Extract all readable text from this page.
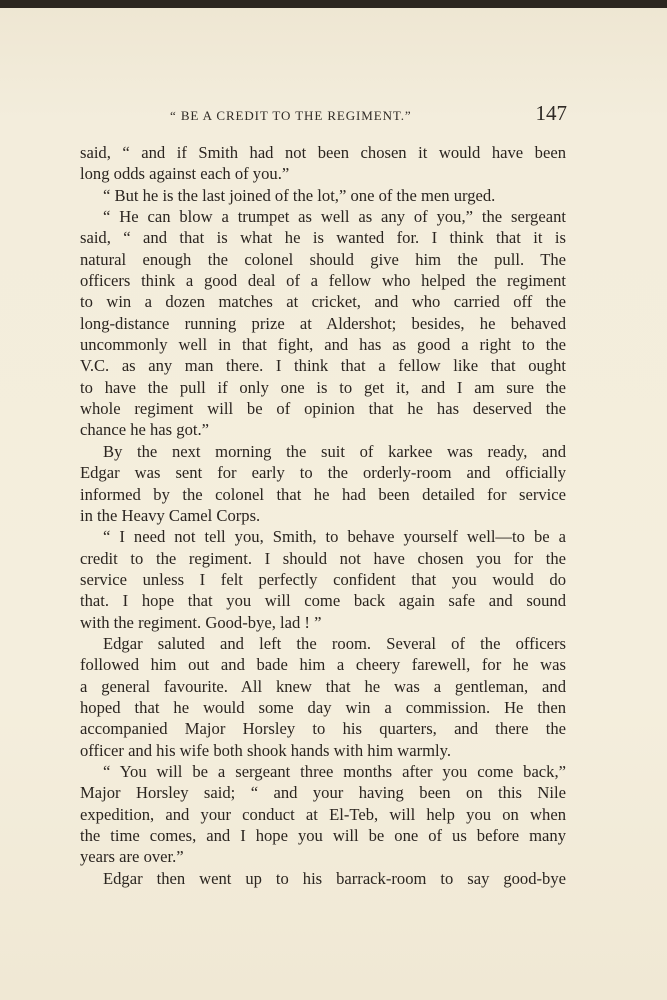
“ BE A CREDIT TO THE REGIMENT.”	147
said, “ and if Smith had not been chosen it would have been
long odds against each of you.”
“ But he is the last joined of the lot,” one of the men urged.
“ He can blow a trumpet as well as any of you,” the sergeant
said, “ and that is what he is wanted for. I think that it is
natural enough the colonel should give him the pull. The
officers think a good deal of a fellow who helped the regiment
to win a dozen matches at cricket, and who carried off the
long-distance running prize at Aldershot; besides, he behaved
uncommonly well in that fight, and has as good a right to the
V.C. as any man there. I think that a fellow like that ought
to have the pull if only one is to get it, and I am sure the
whole regiment will be of opinion that he has deserved the
chance he has got.”
By the next morning the suit of karkee was ready, and
Edgar was sent for early to the orderly-room and officially
informed by the colonel that he had been detailed for service
in the Heavy Camel Corps.
“ I need not tell you, Smith, to behave yourself well—to be a
credit to the regiment. I should not have chosen you for the
service unless I felt perfectly confident that you would do
that. I hope that you will come back again safe and sound
with the regiment. Good-bye, lad ! ”
Edgar saluted and left the room. Several of the officers
followed him out and bade him a cheery farewell, for he was
a general favourite. All knew that he was a gentleman, and
hoped that he would some day win a commission. He then
accompanied Major Horsley to his quarters, and there the
officer and his wife both shook hands with him warmly.
“ You will be a sergeant three months after you come back,”
Major Horsley said; “ and your having been on this Nile
expedition, and your conduct at El-Teb, will help you on when
the time comes, and I hope you will be one of us before many
years are over.”
Edgar then went up to his barrack-room to say good-bye
